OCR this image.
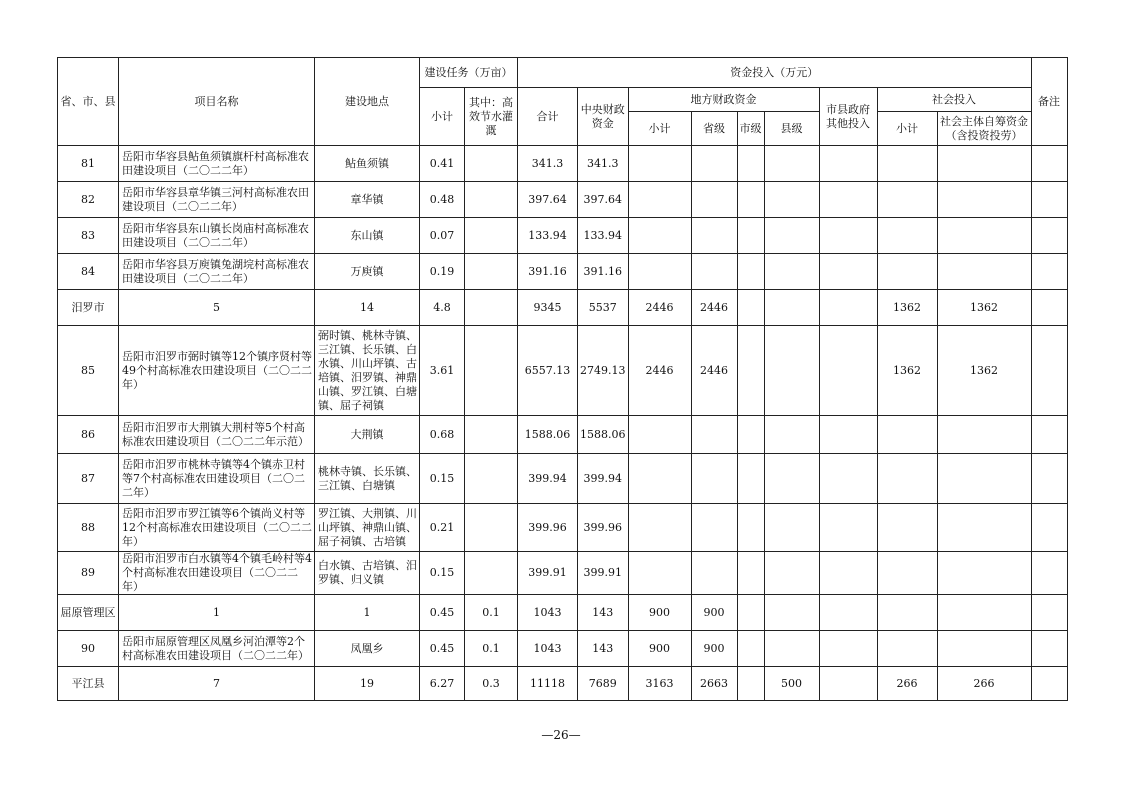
省、市、县	项目名称	建设地点	建设任务（万亩）		资金投入（万元）									备注
			小计	其中：高效节水灌溉	合计	中央财政资金	地方财政资金				市县政府其他投入	社会投入		
							小计	省级	市级	县级		小计	社会主体自筹资金（含投资投劳）	
81	岳阳市华容县鲇鱼须镇旗杆村高标准农田建设项目（二〇二二年）	鲇鱼须镇	0.41		341.3	341.3								
82	岳阳市华容县章华镇三河村高标准农田建设项目（二〇二二年）	章华镇	0.48		397.64	397.64								
83	岳阳市华容县东山镇长岗庙村高标准农田建设项目（二〇二二年）	东山镇	0.07		133.94	133.94								
84	岳阳市华容县万庾镇兔湖垸村高标准农田建设项目（二〇二二年）	万庾镇	0.19		391.16	391.16								
汨罗市	5	14	4.8		9345	5537	2446	2446				1362	1362	
85	岳阳市汨罗市弼时镇等12个镇序贤村等49个村高标准农田建设项目（二〇二二年）	弼时镇、桃林寺镇、三江镇、长乐镇、白水镇、川山坪镇、古培镇、汨罗镇、神鼎山镇、罗江镇、白塘镇、屈子祠镇	3.61		6557.13	2749.13	2446	2446				1362	1362	
86	岳阳市汨罗市大荆镇大荆村等5个村高标准农田建设项目（二〇二二年示范）	大荆镇	0.68		1588.06	1588.06								
87	岳阳市汨罗市桃林寺镇等4个镇赤卫村等7个村高标准农田建设项目（二〇二二年）	桃林寺镇、长乐镇、三江镇、白塘镇	0.15		399.94	399.94								
88	岳阳市汨罗市罗江镇等6个镇尚义村等12个村高标准农田建设项目（二〇二二年）	罗江镇、大荆镇、川山坪镇、神鼎山镇、屈子祠镇、古培镇	0.21		399.96	399.96								
89	岳阳市汨罗市白水镇等4个镇毛岭村等4个村高标准农田建设项目（二〇二二年）	白水镇、古培镇、汨罗镇、归义镇	0.15		399.91	399.91								
屈原管理区	1	1	0.45	0.1	1043	143	900	900						
90	岳阳市屈原管理区凤凰乡河泊潭等2个村高标准农田建设项目（二〇二二年）	凤凰乡	0.45	0.1	1043	143	900	900						
平江县	7	19	6.27	0.3	11118	7689	3163	2663		500		266	266	
—26—
